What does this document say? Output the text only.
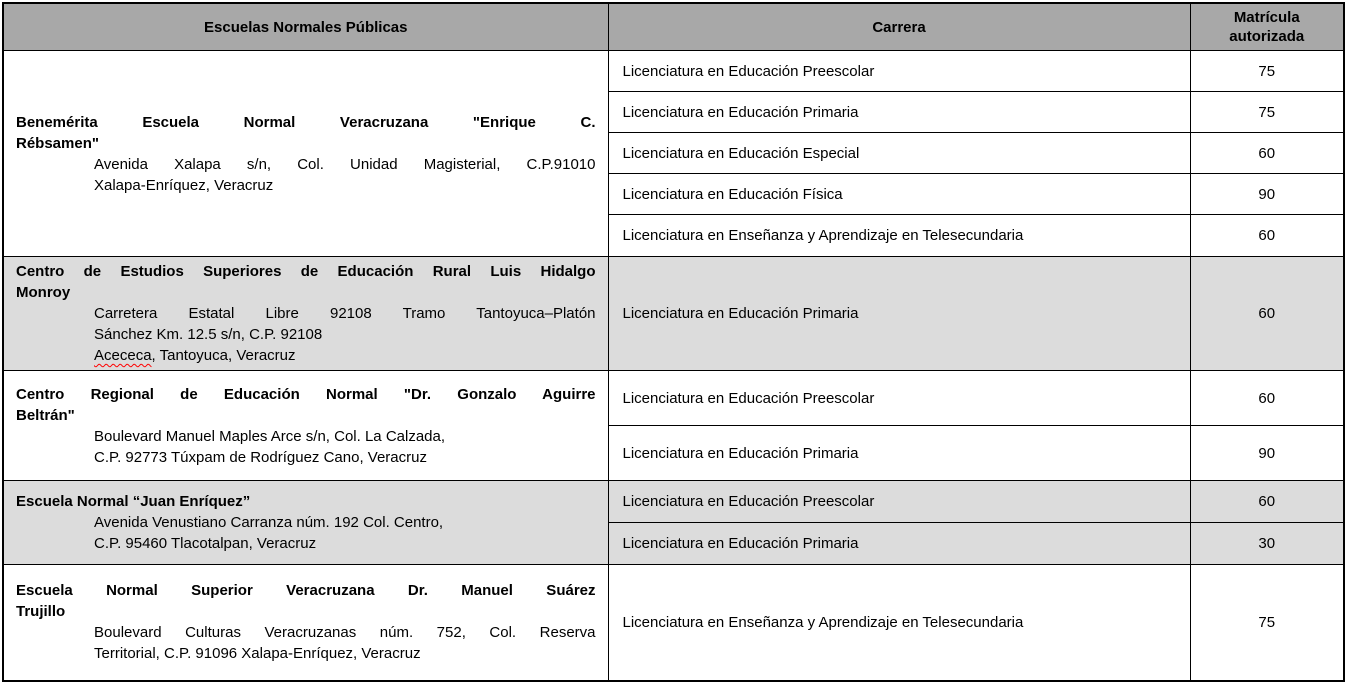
Escuelas Normales Públicas	Carrera	Matrícula autorizada

Benemérita Escuela Normal Veracruzana "Enrique C.
Rébsamen"
Avenida Xalapa s/n, Col. Unidad Magisterial, C.P.91010
Xalapa-Enríquez, Veracruz	Licenciatura en Educación Preescolar	75
	Licenciatura en Educación Primaria	75
	Licenciatura en Educación Especial	60
	Licenciatura en Educación Física	90
	Licenciatura en Enseñanza y Aprendizaje en Telesecundaria	60

Centro de Estudios Superiores de Educación Rural Luis Hidalgo
Monroy
Carretera Estatal Libre 92108 Tramo Tantoyuca–Platón
Sánchez Km. 12.5 s/n, C.P. 92108
Acececa, Tantoyuca, Veracruz	Licenciatura en Educación Primaria	60

Centro Regional de Educación Normal "Dr. Gonzalo Aguirre
Beltrán"
Boulevard Manuel Maples Arce s/n, Col. La Calzada,
C.P. 92773 Túxpam de Rodríguez Cano, Veracruz	Licenciatura en Educación Preescolar	60
	Licenciatura en Educación Primaria	90

Escuela Normal “Juan Enríquez”
Avenida Venustiano Carranza núm. 192 Col. Centro,
C.P. 95460 Tlacotalpan, Veracruz	Licenciatura en Educación Preescolar	60
	Licenciatura en Educación Primaria	30

Escuela Normal Superior Veracruzana Dr. Manuel Suárez
Trujillo
Boulevard Culturas Veracruzanas núm. 752, Col. Reserva
Territorial, C.P. 91096 Xalapa-Enríquez, Veracruz	Licenciatura en Enseñanza y Aprendizaje en Telesecundaria	75
